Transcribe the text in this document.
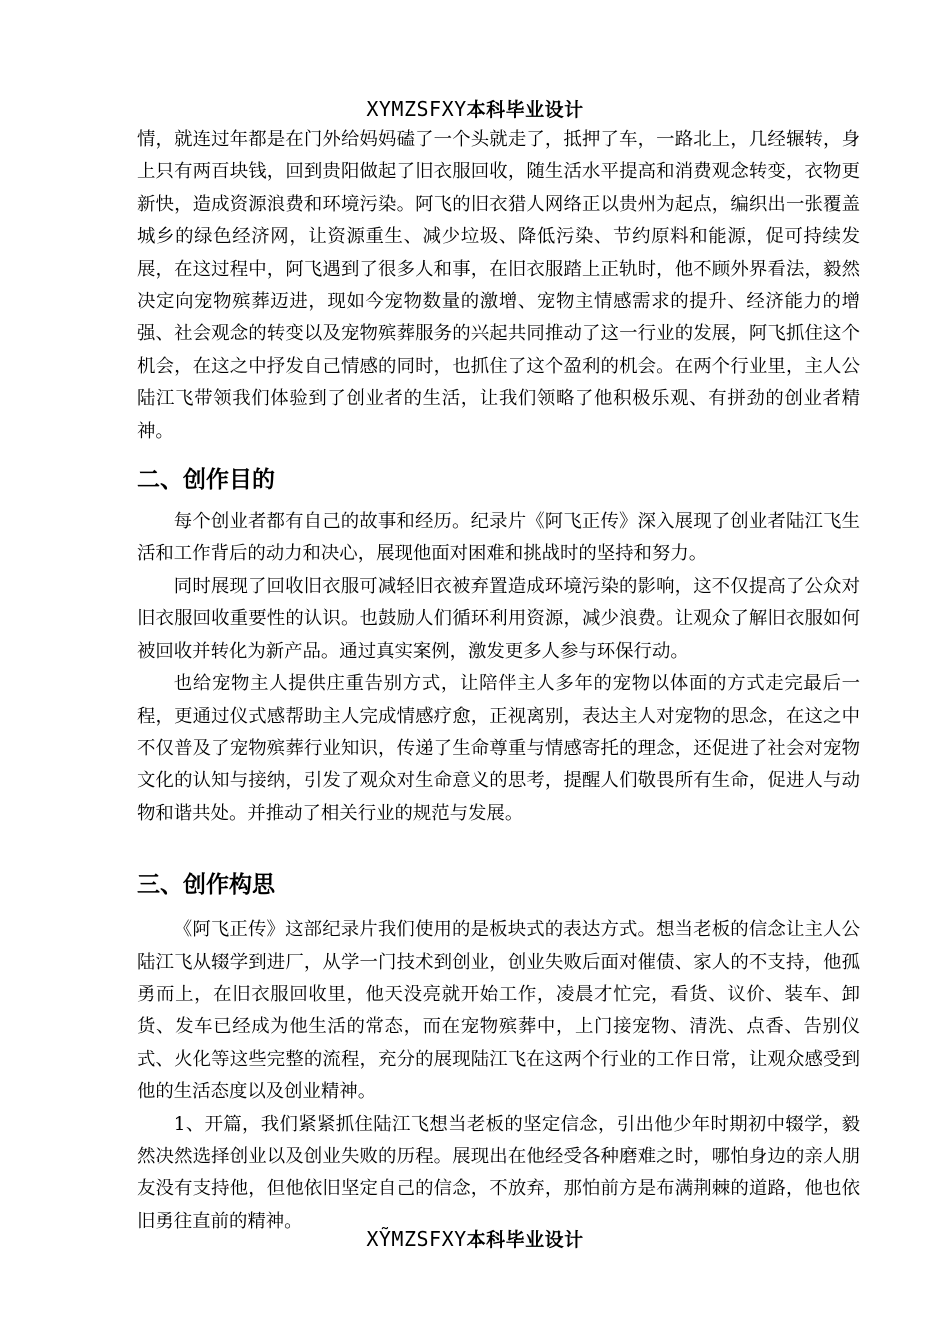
XYMZSFXY本科毕业设计

情，就连过年都是在门外给妈妈磕了一个头就走了，抵押了车，一路北上，几经辗转，身上只有两百块钱，回到贵阳做起了旧衣服回收，随生活水平提高和消费观念转变，衣物更新快，造成资源浪费和环境污染。阿飞的旧衣猎人网络正以贵州为起点，编织出一张覆盖城乡的绿色经济网，让资源重生、减少垃圾、降低污染、节约原料和能源，促可持续发展，在这过程中，阿飞遇到了很多人和事，在旧衣服踏上正轨时，他不顾外界看法，毅然决定向宠物殡葬迈进，现如今宠物数量的激增、宠物主情感需求的提升、经济能力的增强、社会观念的转变以及宠物殡葬服务的兴起共同推动了这一行业的发展，阿飞抓住这个机会，在这之中抒发自己情感的同时，也抓住了这个盈利的机会。在两个行业里，主人公陆江飞带领我们体验到了创业者的生活，让我们领略了他积极乐观、有拼劲的创业者精神。

二、创作目的

每个创业者都有自己的故事和经历。纪录片《阿飞正传》深入展现了创业者陆江飞生活和工作背后的动力和决心，展现他面对困难和挑战时的坚持和努力。

同时展现了回收旧衣服可减轻旧衣被弃置造成环境污染的影响，这不仅提高了公众对旧衣服回收重要性的认识。也鼓励人们循环利用资源，减少浪费。让观众了解旧衣服如何被回收并转化为新产品。通过真实案例，激发更多人参与环保行动。

也给宠物主人提供庄重告别方式，让陪伴主人多年的宠物以体面的方式走完最后一程，更通过仪式感帮助主人完成情感疗愈，正视离别，表达主人对宠物的思念，在这之中不仅普及了宠物殡葬行业知识，传递了生命尊重与情感寄托的理念，还促进了社会对宠物文化的认知与接纳，引发了观众对生命意义的思考，提醒人们敬畏所有生命，促进人与动物和谐共处。并推动了相关行业的规范与发展。

三、创作构思

《阿飞正传》这部纪录片我们使用的是板块式的表达方式。想当老板的信念让主人公陆江飞从辍学到进厂，从学一门技术到创业，创业失败后面对催债、家人的不支持，他孤勇而上，在旧衣服回收里，他天没亮就开始工作，凌晨才忙完，看货、议价、装车、卸货、发车已经成为他生活的常态，而在宠物殡葬中，上门接宠物、清洗、点香、告别仪式、火化等这些完整的流程，充分的展现陆江飞在这两个行业的工作日常，让观众感受到他的生活态度以及创业精神。

1、开篇，我们紧紧抓住陆江飞想当老板的坚定信念，引出他少年时期初中辍学，毅然决然选择创业以及创业失败的历程。展现出在他经受各种磨难之时，哪怕身边的亲人朋友没有支持他，但他依旧坚定自己的信念，不放弃，那怕前方是布满荆棘的道路，他也依旧勇往直前的精神。

XỸMZSFXY本科毕业设计
